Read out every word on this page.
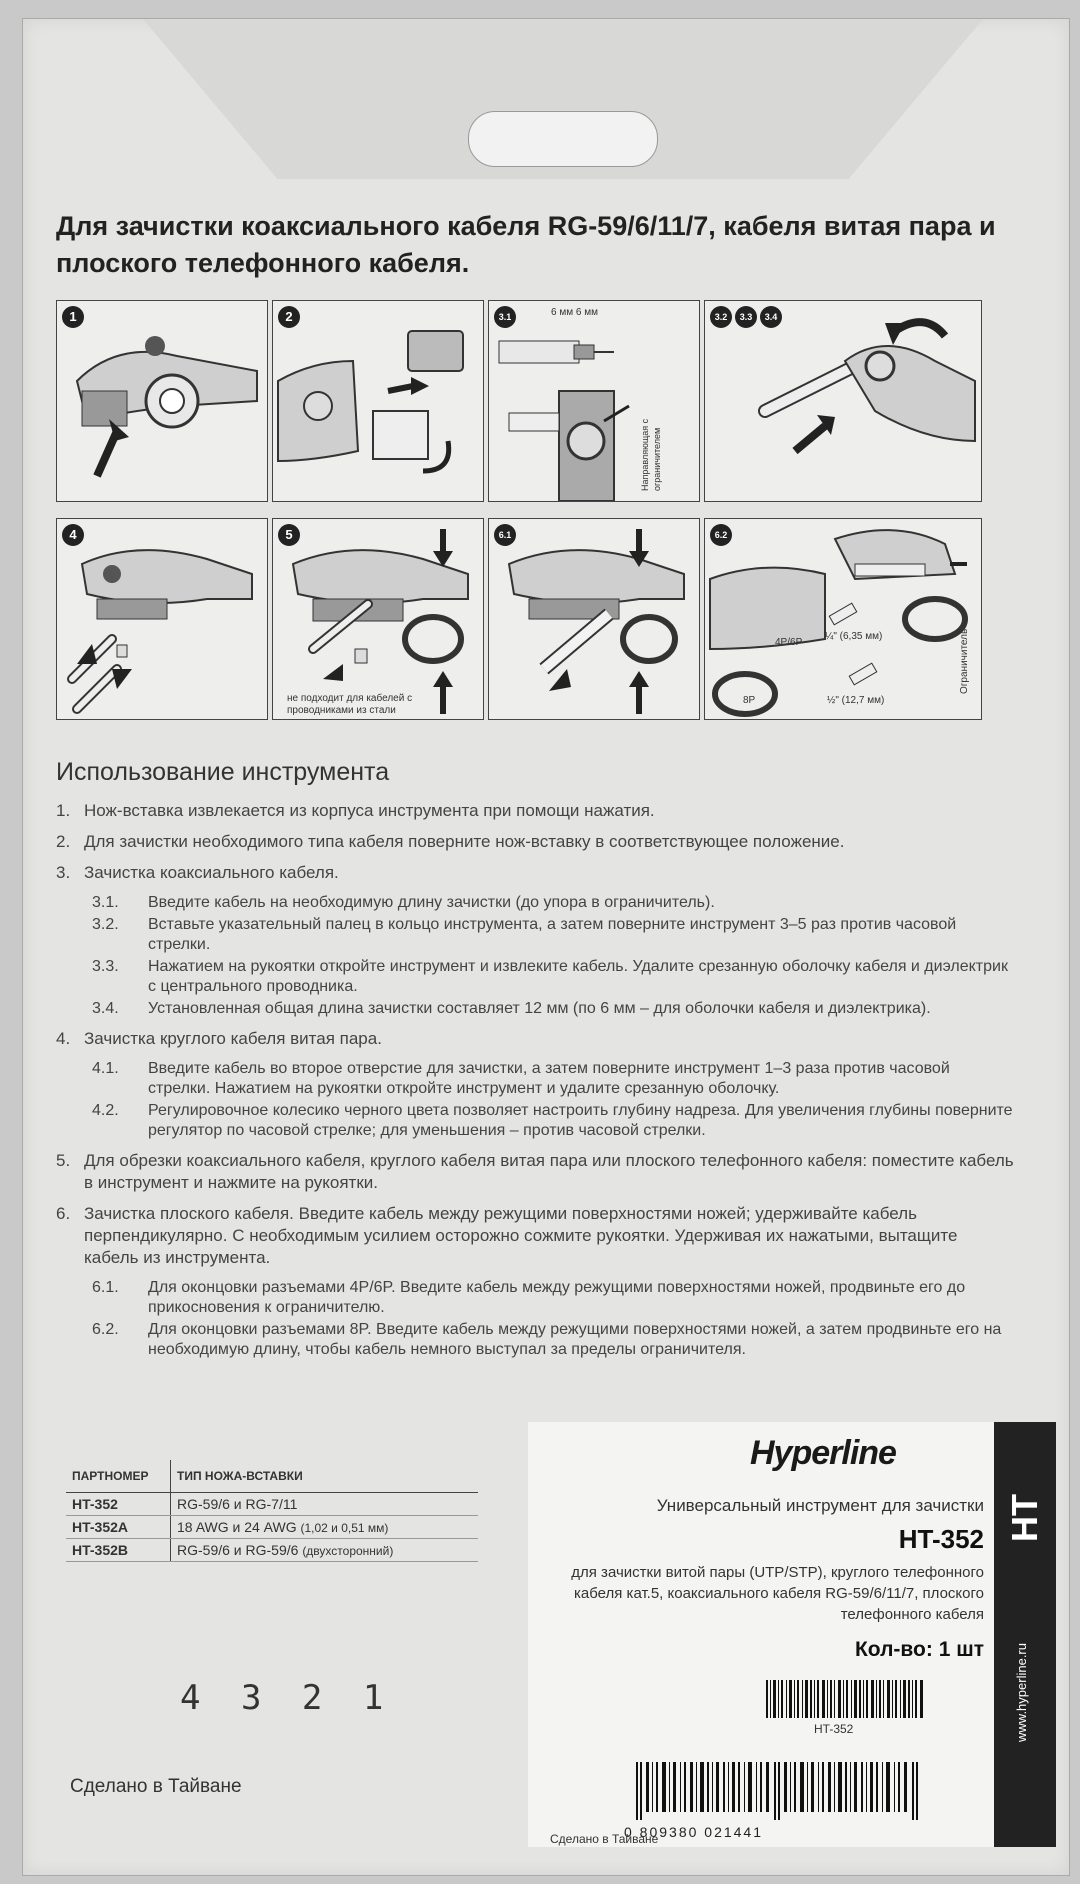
Для зачистки коаксиального кабеля RG-59/6/11/7, кабеля витая пара и плоского телефонного кабеля.
1	2	3.1	6 мм 6 мм
Направляющая с ограничителем
3.2	3.3	3.4
4	5
не подходит для кабелей с проводниками из стали
6.1	6.2
¼" (6,35 мм)
4P/6P
8P	½" (12,7 мм)
Ограничитель
Использование инструмента
1. Нож-вставка извлекается из корпуса инструмента при помощи нажатия.
2. Для зачистки необходимого типа кабеля поверните нож-вставку в соответствующее положение.
3. Зачистка коаксиального кабеля.
3.1. Введите кабель на необходимую длину зачистки (до упора в ограничитель).
3.2. Вставьте указательный палец в кольцо инструмента, а затем поверните инструмент 3–5 раз против часовой стрелки.
3.3. Нажатием на рукоятки откройте инструмент и извлеките кабель. Удалите срезанную оболочку кабеля и диэлектрик с центрального проводника.
3.4. Установленная общая длина зачистки составляет 12 мм (по 6 мм – для оболочки кабеля и диэлектрика).
4. Зачистка круглого кабеля витая пара.
4.1. Введите кабель во второе отверстие для зачистки, а затем поверните инструмент 1–3 раза против часовой стрелки. Нажатием на рукоятки откройте инструмент и удалите срезанную оболочку.
4.2. Регулировочное колесико черного цвета позволяет настроить глубину надреза. Для увеличения глубины поверните регулятор по часовой стрелке; для уменьшения – против часовой стрелки.
5. Для обрезки коаксиального кабеля, круглого кабеля витая пара или плоского телефонного кабеля: поместите кабель в инструмент и нажмите на рукоятки.
6. Зачистка плоского кабеля. Введите кабель между режущими поверхностями ножей; удерживайте кабель перпендикулярно. С необходимым усилием осторожно сожмите рукоятки. Удерживая их нажатыми, вытащите кабель из инструмента.
6.1. Для оконцовки разъемами 4P/6P. Введите кабель между режущими поверхностями ножей, продвиньте его до прикосновения к ограничителю.
6.2. Для оконцовки разъемами 8P. Введите кабель между режущими поверхностями ножей, а затем продвиньте его на необходимую длину, чтобы кабель немного выступал за пределы ограничителя.
ПАРТНОМЕР	ТИП НОЖА-ВСТАВКИ
HT-352	RG-59/6 и RG-7/11
HT-352A	18 AWG и 24 AWG (1,02 и 0,51 мм)
HT-352B	RG-59/6 и RG-59/6 (двухсторонний)
4 3 2 1
Сделано в Тайване
HT
www.hyperline.ru
Универсальный инструмент для зачистки
HT-352
для зачистки витой пары (UTP/STP), круглого телефонного кабеля кат.5, коаксиального кабеля RG-59/6/11/7, плоского телефонного кабеля
Кол-во: 1 шт
HT-352
0 809380 021441
Сделано в Тайване
Hyperline
